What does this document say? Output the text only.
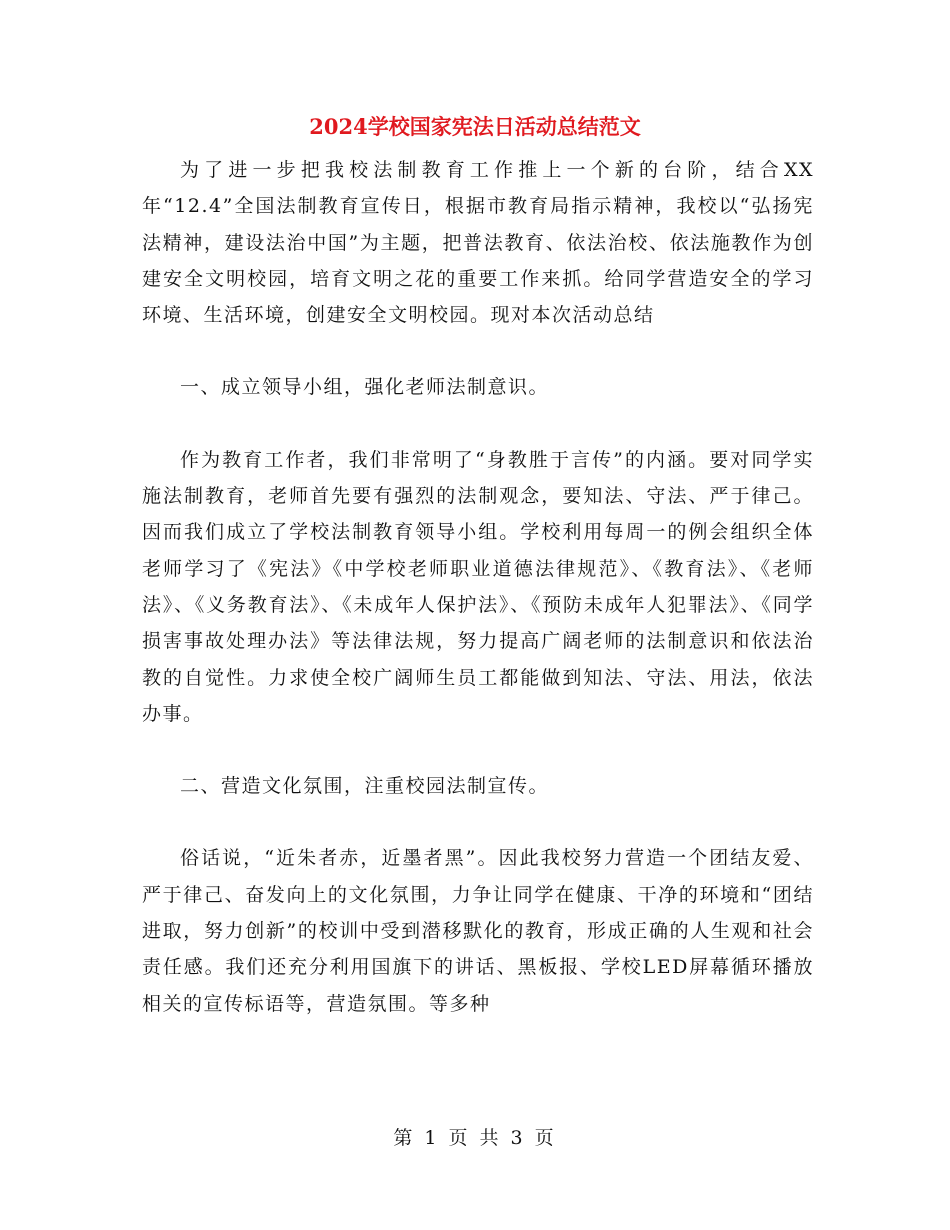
2024学校国家宪法日活动总结范文

为了进一步把我校法制教育工作推上一个新的台阶，结合XX年“12.4”全国法制教育宣传日，根据市教育局指示精神，我校以“弘扬宪法精神，建设法治中国”为主题，把普法教育、依法治校、依法施教作为创建安全文明校园，培育文明之花的重要工作来抓。给同学营造安全的学习环境、生活环境，创建安全文明校园。现对本次活动总结

一、成立领导小组，强化老师法制意识。

作为教育工作者，我们非常明了“身教胜于言传”的内涵。要对同学实施法制教育，老师首先要有强烈的法制观念，要知法、守法、严于律己。因而我们成立了学校法制教育领导小组。学校利用每周一的例会组织全体老师学习了《宪法》《中学校老师职业道德法律规范》、《教育法》、《老师法》、《义务教育法》、《未成年人保护法》、《预防未成年人犯罪法》、《同学损害事故处理办法》等法律法规，努力提高广阔老师的法制意识和依法治教的自觉性。力求使全校广阔师生员工都能做到知法、守法、用法，依法办事。

二、营造文化氛围，注重校园法制宣传。

俗话说，“近朱者赤，近墨者黑”。因此我校努力营造一个团结友爱、严于律己、奋发向上的文化氛围，力争让同学在健康、干净的环境和“团结进取，努力创新”的校训中受到潜移默化的教育，形成正确的人生观和社会责任感。我们还充分利用国旗下的讲话、黑板报、学校LED屏幕循环播放相关的宣传标语等，营造氛围。等多种

第 1 页 共 3 页
